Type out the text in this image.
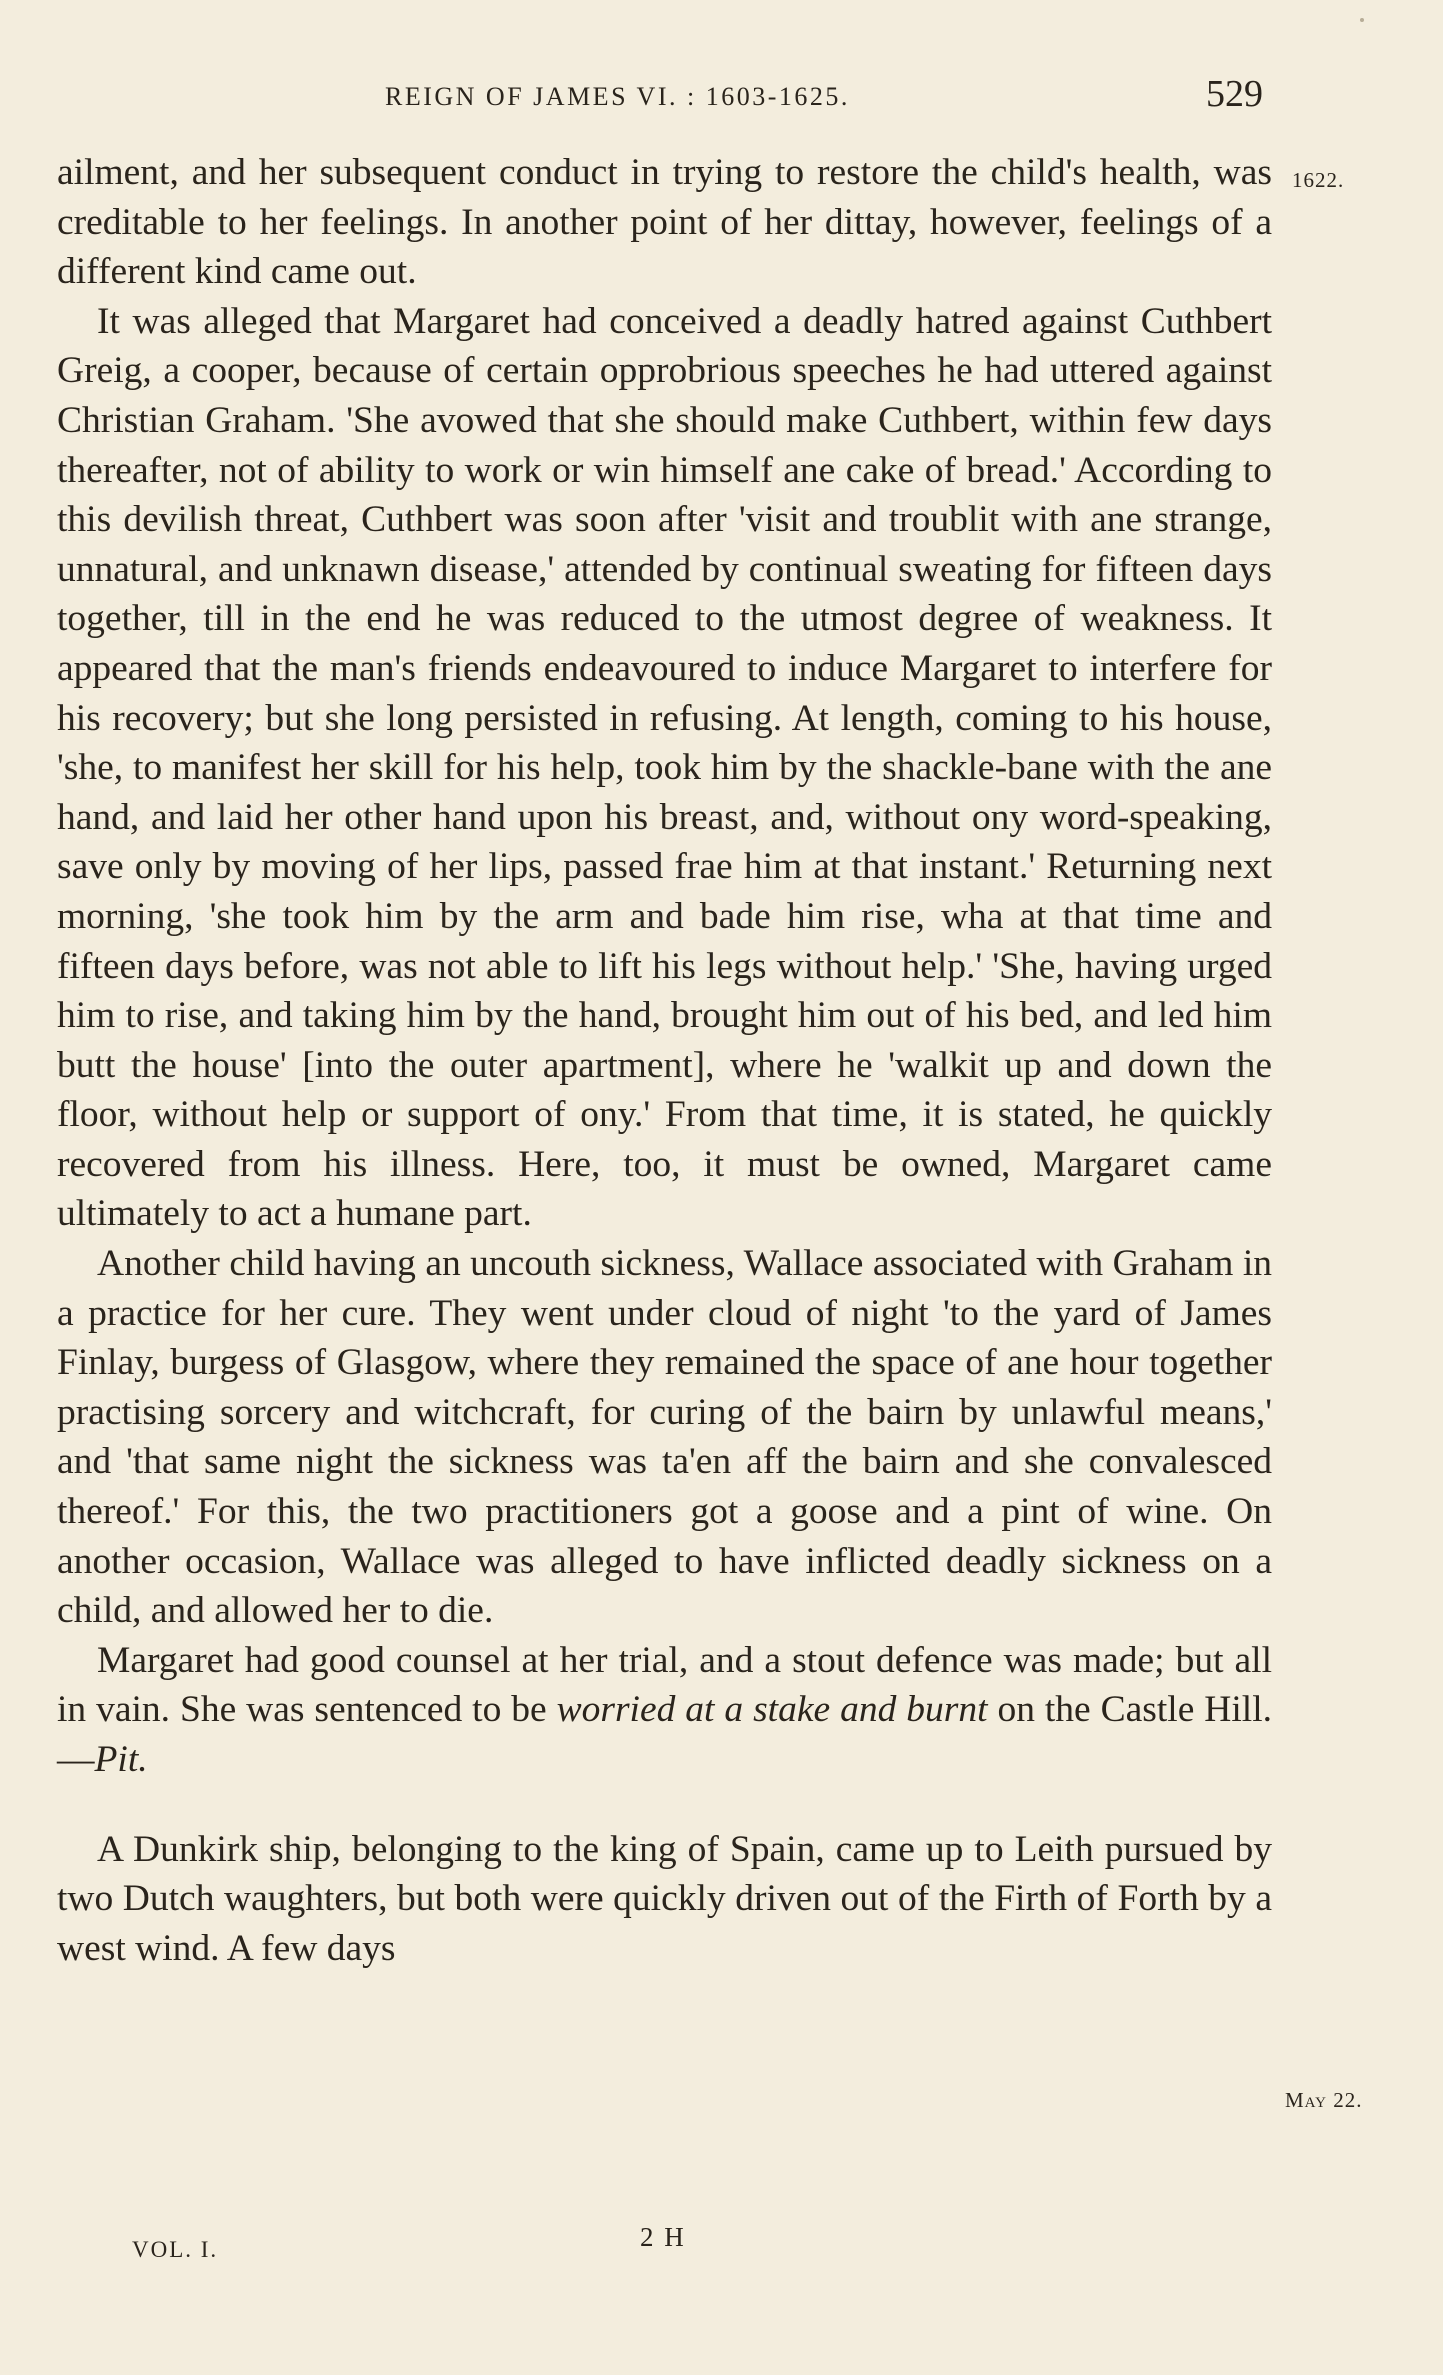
REIGN OF JAMES VI. : 1603-1625.	529
1622.
May 22.

ailment, and her subsequent conduct in trying to restore the child's health, was creditable to her feelings. In another point of her dittay, however, feelings of a different kind came out.

It was alleged that Margaret had conceived a deadly hatred against Cuthbert Greig, a cooper, because of certain opprobrious speeches he had uttered against Christian Graham. 'She avowed that she should make Cuthbert, within few days thereafter, not of ability to work or win himself ane cake of bread.' According to this devilish threat, Cuthbert was soon after 'visit and troublit with ane strange, unnatural, and unknawn disease,' attended by continual sweating for fifteen days together, till in the end he was reduced to the utmost degree of weakness. It appeared that the man's friends endeavoured to induce Margaret to interfere for his recovery; but she long persisted in refusing. At length, coming to his house, 'she, to manifest her skill for his help, took him by the shackle-bane with the ane hand, and laid her other hand upon his breast, and, without ony word-speaking, save only by moving of her lips, passed frae him at that instant.' Returning next morning, 'she took him by the arm and bade him rise, wha at that time and fifteen days before, was not able to lift his legs without help.' 'She, having urged him to rise, and taking him by the hand, brought him out of his bed, and led him butt the house' [into the outer apartment], where he 'walkit up and down the floor, without help or support of ony.' From that time, it is stated, he quickly recovered from his illness. Here, too, it must be owned, Margaret came ultimately to act a humane part.

Another child having an uncouth sickness, Wallace associated with Graham in a practice for her cure. They went under cloud of night 'to the yard of James Finlay, burgess of Glasgow, where they remained the space of ane hour together practising sorcery and witchcraft, for curing of the bairn by unlawful means,' and 'that same night the sickness was ta'en aff the bairn and she convalesced thereof.' For this, the two practitioners got a goose and a pint of wine. On another occasion, Wallace was alleged to have inflicted deadly sickness on a child, and allowed her to die.

Margaret had good counsel at her trial, and a stout defence was made; but all in vain. She was sentenced to be worried at a stake and burnt on the Castle Hill.—Pit.

A Dunkirk ship, belonging to the king of Spain, came up to Leith pursued by two Dutch waughters, but both were quickly driven out of the Firth of Forth by a west wind. A few days

VOL. I.	2 H
